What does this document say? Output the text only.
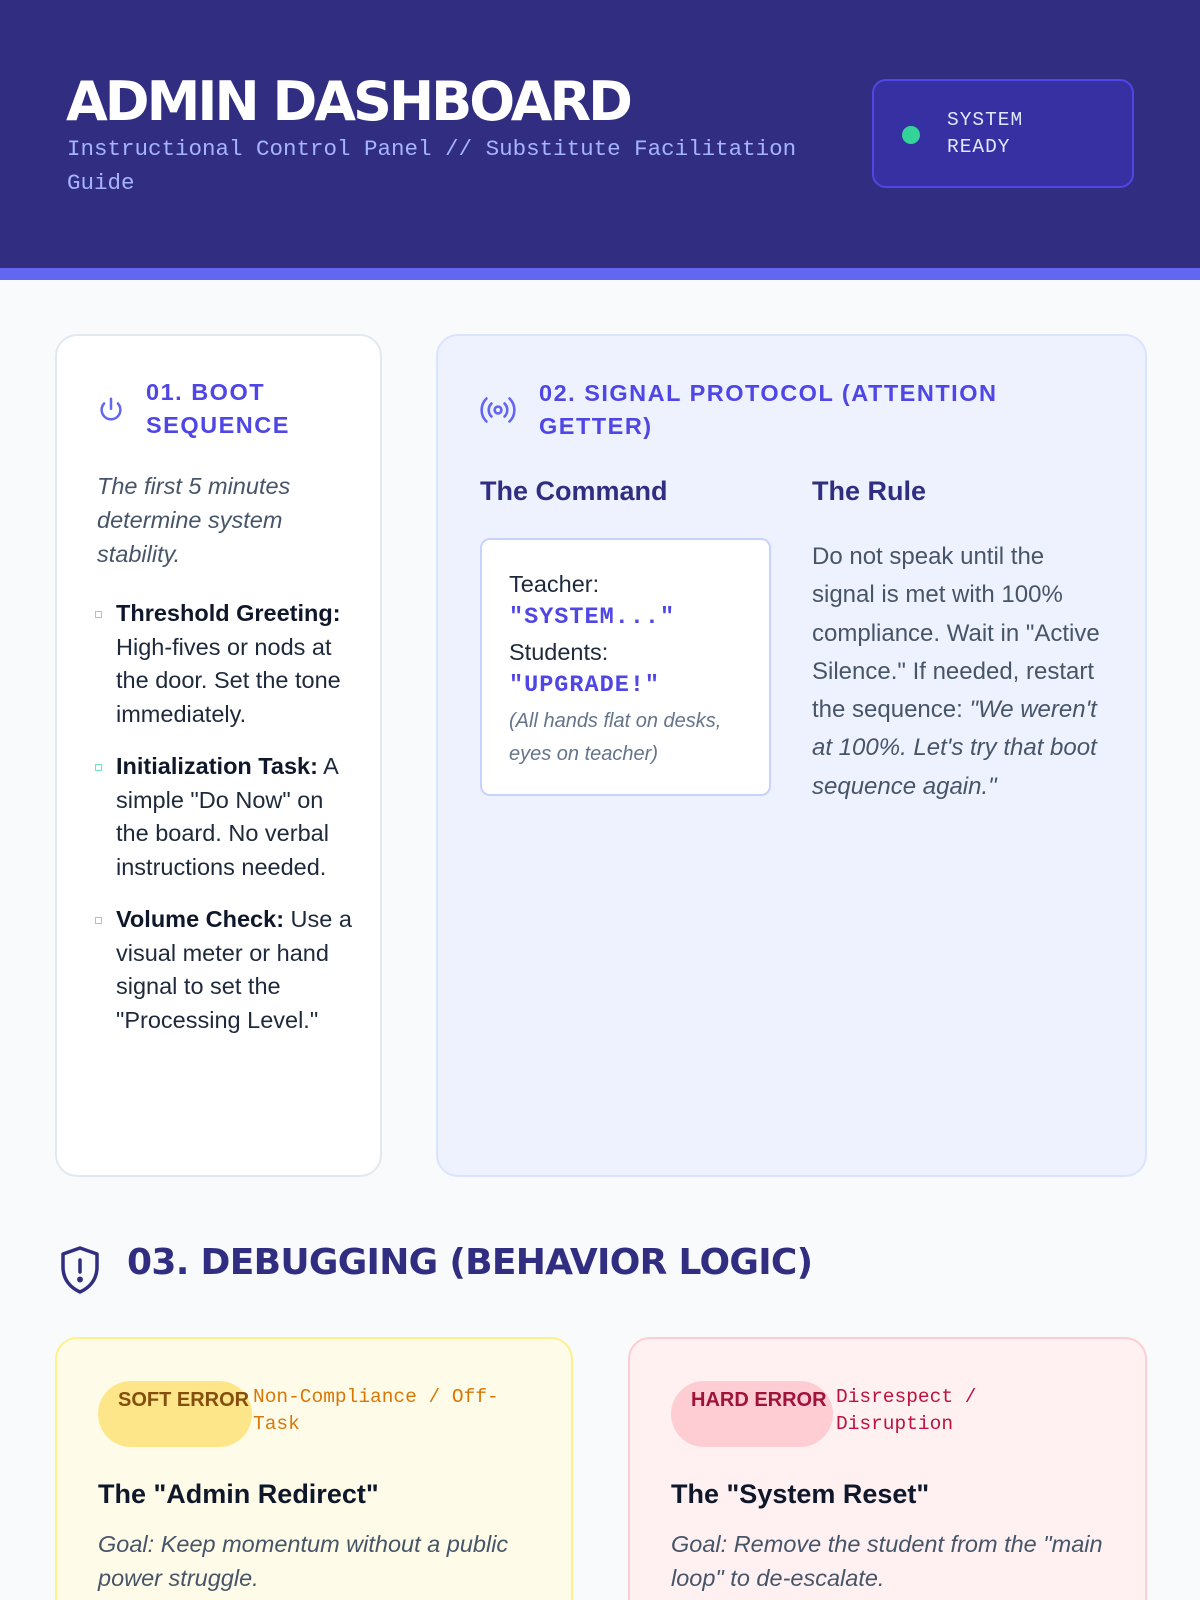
ADMIN DASHBOARD
Instructional Control Panel // Substitute Facilitation Guide
SYSTEM READY
01. BOOT SEQUENCE
The first 5 minutes determine system stability.
Threshold Greeting: High-fives or nods at the door. Set the tone immediately.
Initialization Task: A simple "Do Now" on the board. No verbal instructions needed.
Volume Check: Use a visual meter or hand signal to set the "Processing Level."
02. SIGNAL PROTOCOL (ATTENTION GETTER)
The Command
Teacher:
"SYSTEM..."
Students:
"UPGRADE!"
(All hands flat on desks, eyes on teacher)
The Rule
Do not speak until the signal is met with 100% compliance. Wait in "Active Silence." If needed, restart the sequence: "We weren't at 100%. Let's try that boot sequence again."
03. DEBUGGING (BEHAVIOR LOGIC)
SOFT ERROR Non-Compliance / Off-Task
The "Admin Redirect"
Goal: Keep momentum without a public power struggle.
HARD ERROR Disrespect / Disruption
The "System Reset"
Goal: Remove the student from the "main loop" to de-escalate.
